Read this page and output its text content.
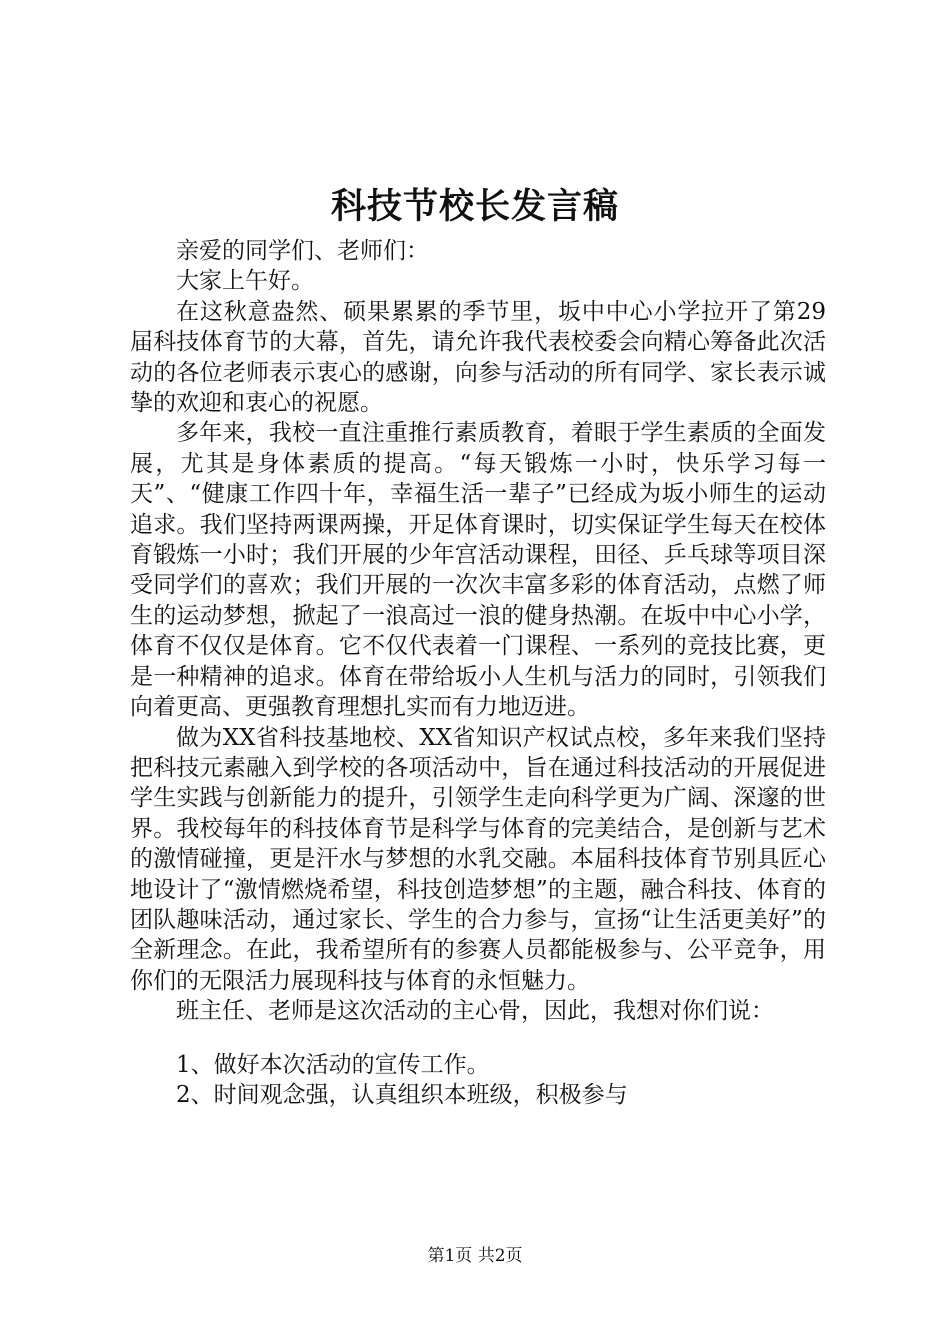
科技节校长发言稿

亲爱的同学们、老师们：

大家上午好。

在这秋意盎然、硕果累累的季节里，坂中中心小学拉开了第29届科技体育节的大幕，首先，请允许我代表校委会向精心筹备此次活动的各位老师表示衷心的感谢，向参与活动的所有同学、家长表示诚挚的欢迎和衷心的祝愿。

多年来，我校一直注重推行素质教育，着眼于学生素质的全面发展，尤其是身体素质的提高。“每天锻炼一小时，快乐学习每一天”、“健康工作四十年，幸福生活一辈子”已经成为坂小师生的运动追求。我们坚持两课两操，开足体育课时，切实保证学生每天在校体育锻炼一小时；我们开展的少年宫活动课程，田径、乒乓球等项目深受同学们的喜欢；我们开展的一次次丰富多彩的体育活动，点燃了师生的运动梦想，掀起了一浪高过一浪的健身热潮。在坂中中心小学，体育不仅仅是体育。它不仅代表着一门课程、一系列的竞技比赛，更是一种精神的追求。体育在带给坂小人生机与活力的同时，引领我们向着更高、更强教育理想扎实而有力地迈进。

做为XX省科技基地校、XX省知识产权试点校，多年来我们坚持把科技元素融入到学校的各项活动中，旨在通过科技活动的开展促进学生实践与创新能力的提升，引领学生走向科学更为广阔、深邃的世界。我校每年的科技体育节是科学与体育的完美结合，是创新与艺术的激情碰撞，更是汗水与梦想的水乳交融。本届科技体育节别具匠心地设计了“激情燃烧希望，科技创造梦想”的主题，融合科技、体育的团队趣味活动，通过家长、学生的合力参与，宣扬“让生活更美好”的全新理念。在此，我希望所有的参赛人员都能极参与、公平竞争，用你们的无限活力展现科技与体育的永恒魅力。

班主任、老师是这次活动的主心骨，因此，我想对你们说：

1、做好本次活动的宣传工作。

2、时间观念强，认真组织本班级，积极参与

第1页 共2页
